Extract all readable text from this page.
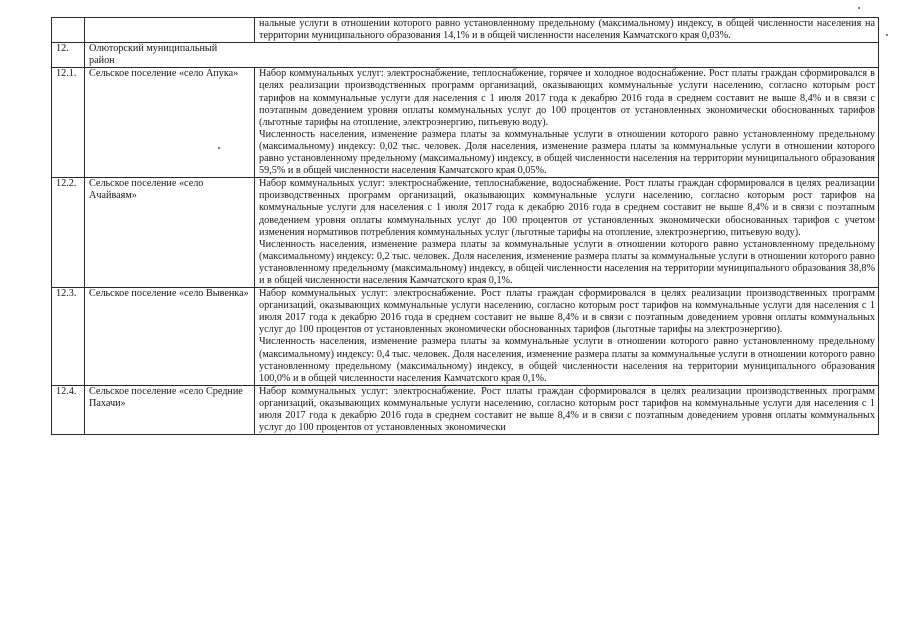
		нальные услуги в отношении которого равно установленному предельному (максимальному) индексу, в общей численности населения на территории муниципального образования 14,1% и в общей численности населения Камчатского края 0,03%.

12.	Олюторский муниципальный район	
12.1.	Сельское поселение «село Апука»	Набор коммунальных услуг: электроснабжение, теплоснабжение, горячее и холодное водоснабжение. Рост платы граждан сформировался в целях реализации производственных программ организаций, оказывающих коммунальные услуги населению, согласно которым рост тарифов на коммунальные услуги для населения с 1 июля 2017 года к декабрю 2016 года в среднем составит не выше 8,4% и в связи с поэтапным доведением уровня оплаты коммунальных услуг до 100 процентов от установленных экономически обоснованных тарифов (льготные тарифы на отопление, электроэнергию, питьевую воду).

Численность населения, изменение размера платы за коммунальные услуги в отношении которого равно установленному предельному (максимальному) индексу: 0,02 тыс. человек. Доля населения, изменение размера платы за коммунальные услуги в отношении которого равно установленному предельному (максимальному) индексу, в общей численности населения на территории муниципального образования 59,5% и в общей численности населения Камчатского края 0,05%.

12.2.	Сельское поселение «село Ачайваям»	Набор коммунальных услуг: электроснабжение, теплоснабжение, водоснабжение. Рост платы граждан сформировался в целях реализации производственных программ организаций, оказывающих коммунальные услуги населению, согласно которым рост тарифов на коммунальные услуги для населения с 1 июля 2017 года к декабрю 2016 года в среднем составит не выше 8,4% и в связи с поэтапным доведением уровня оплаты коммунальных услуг до 100 процентов от установленных экономически обоснованных тарифов с учетом изменения нормативов потребления коммунальных услуг (льготные тарифы на отопление, электроэнергию, питьевую воду).

Численность населения, изменение размера платы за коммунальные услуги в отношении которого равно установленному предельному (максимальному) индексу: 0,2 тыс. человек. Доля населения, изменение размера платы за коммунальные услуги в отношении которого равно установленному предельному (максимальному) индексу, в общей численности населения на территории муниципального образования 38,8% и в общей численности населения Камчатского края 0,1%.

12.3.	Сельское поселение «село Вывенка»	Набор коммунальных услуг: электроснабжение. Рост платы граждан сформировался в целях реализации производственных программ организаций, оказывающих коммунальные услуги населению, согласно которым рост тарифов на коммунальные услуги для населения с 1 июля 2017 года к декабрю 2016 года в среднем составит не выше 8,4% и в связи с поэтапным доведением уровня оплаты коммунальных услуг до 100 процентов от установленных экономически обоснованных тарифов (льготные тарифы на электроэнергию).

Численность населения, изменение размера платы за коммунальные услуги в отношении которого равно установленному предельному (максимальному) индексу: 0,4 тыс. человек. Доля населения, изменение размера платы за коммунальные услуги в отношении которого равно установленному предельному (максимальному) индексу, в общей численности населения на территории муниципального образования 100,0% и в общей численности населения Камчатского края 0,1%.

12.4.	Сельское поселение «село Средние Пахачи»	Набор коммунальных услуг: электроснабжение. Рост платы граждан сформировался в целях реализации производственных программ организаций, оказывающих коммунальные услуги населению, согласно которым рост тарифов на коммунальные услуги для населения с 1 июля 2017 года к декабрю 2016 года в среднем составит не выше 8,4% и в связи с поэтапным доведением уровня оплаты коммунальных услуг до 100 процентов от установленных экономически
